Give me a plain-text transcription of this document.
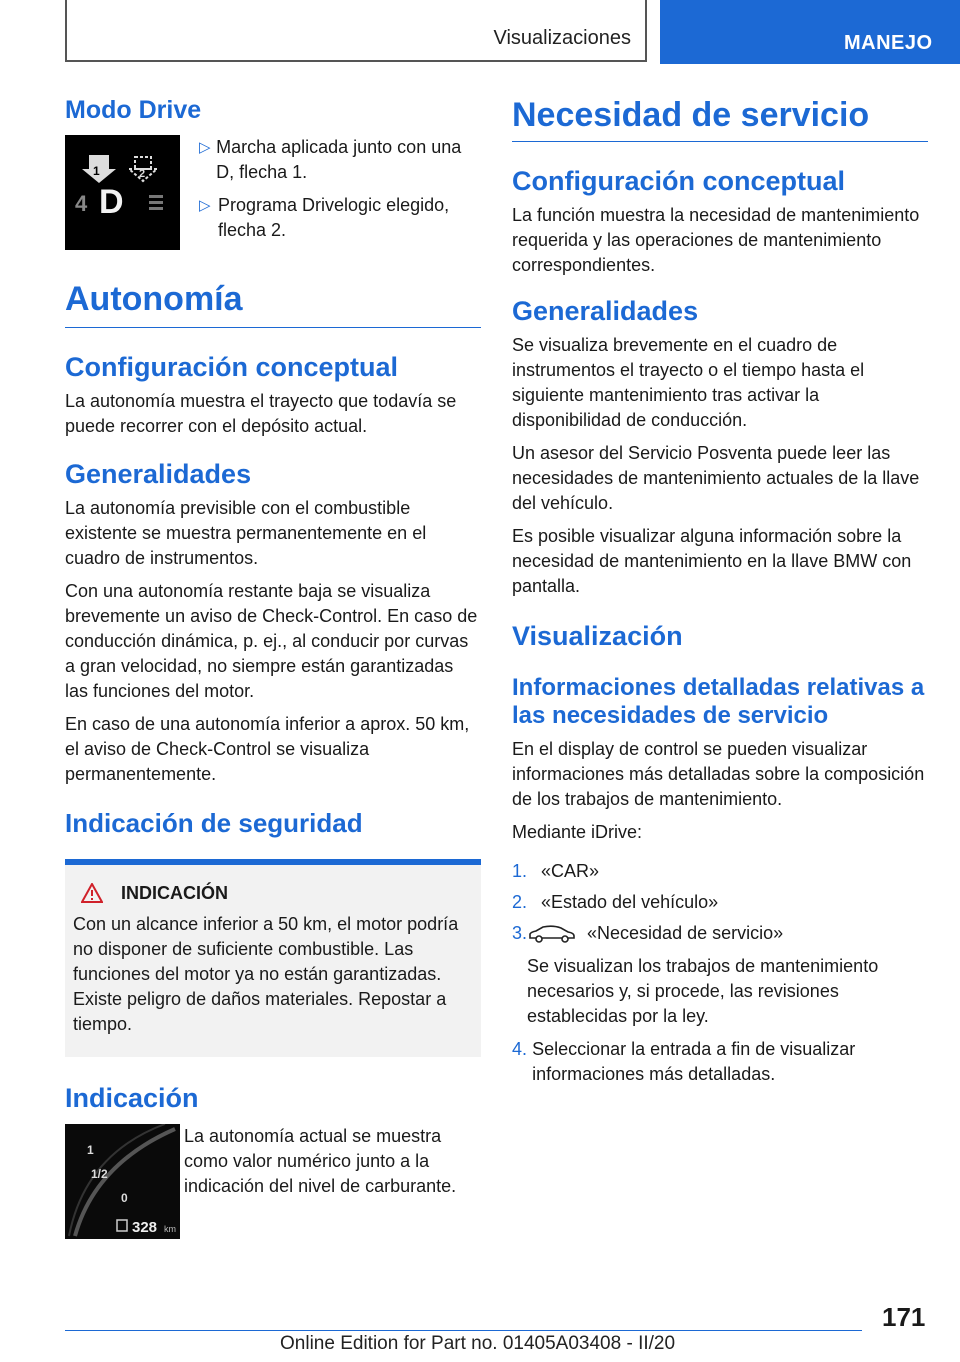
Visualizaciones	MANEJO
Modo Drive
1	2
4 D
▷ Marcha aplicada junto con una D, flecha 1.
▷ Programa Drivelogic elegido, flecha 2.
Autonomía
Configuración conceptual

La autonomía muestra el trayecto que todavía se puede recorrer con el depósito actual.

Generalidades

La autonomía previsible con el combustible existente se muestra permanentemente en el cuadro de instrumentos.

Con una autonomía restante baja se visualiza brevemente un aviso de Check-Control. En caso de conducción dinámica, p. ej., al conducir por curvas a gran velocidad, no siempre están garantizadas las funciones del motor.

En caso de una autonomía inferior a aprox. 50 km, el aviso de Check-Control se visualiza permanentemente.

Indicación de seguridad
INDICACIÓN

Con un alcance inferior a 50 km, el motor podría no disponer de suficiente combustible. Las funciones del motor ya no están garantizadas. Existe peligro de daños materiales. Repostar a tiempo.

Indicación
1
1/2
0
328 km

La autonomía actual se muestra como valor numérico junto a la indicación del nivel de carburante.

Necesidad de servicio
Configuración conceptual

La función muestra la necesidad de mantenimiento requerida y las operaciones de mantenimiento correspondientes.

Generalidades

Se visualiza brevemente en el cuadro de instrumentos el trayecto o el tiempo hasta el siguiente mantenimiento tras activar la disponibilidad de conducción.

Un asesor del Servicio Posventa puede leer las necesidades de mantenimiento actuales de la llave del vehículo.

Es posible visualizar alguna información sobre la necesidad de mantenimiento en la llave BMW con pantalla.

Visualización
Informaciones detalladas relativas a las necesidades de servicio

En el display de control se pueden visualizar informaciones más detalladas sobre la composición de los trabajos de mantenimiento.

Mediante iDrive:

1. «CAR»
2. «Estado del vehículo»
3.	«Necesidad de servicio»

Se visualizan los trabajos de mantenimiento necesarios y, si procede, las revisiones establecidas por la ley.

4. Seleccionar la entrada a fin de visualizar informaciones más detalladas.
171
Online Edition for Part no. 01405A03408 - II/20
